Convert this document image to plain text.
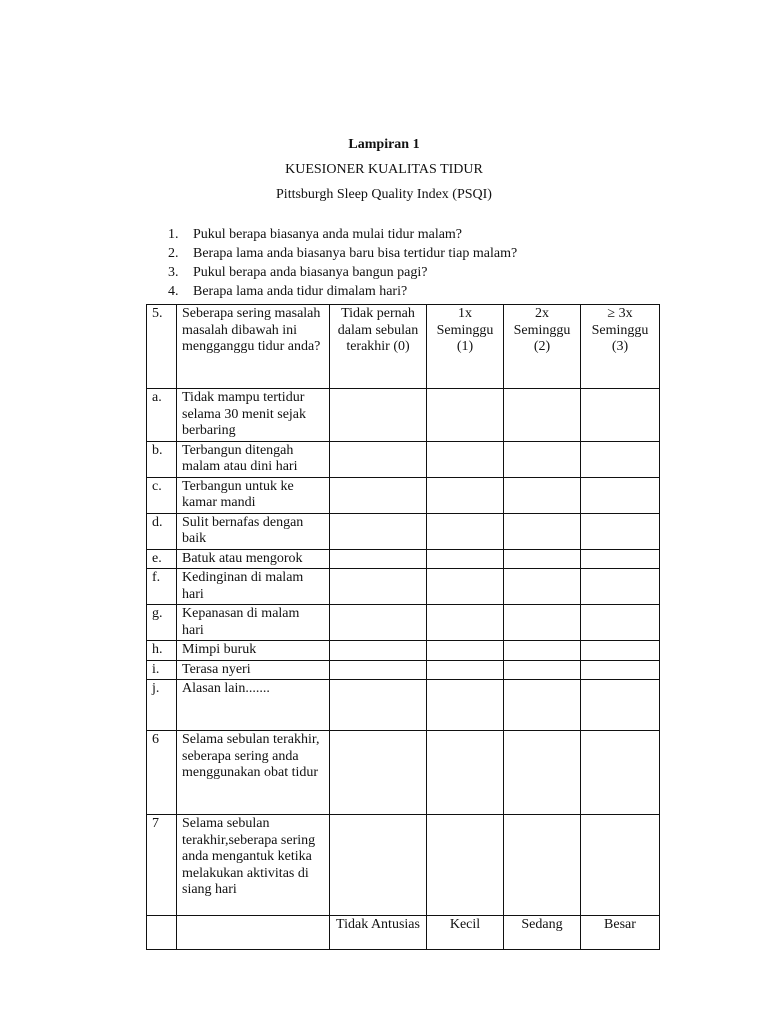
Lampiran 1
KUESIONER KUALITAS TIDUR
Pittsburgh Sleep Quality Index (PSQI)
1. Pukul berapa biasanya anda mulai tidur malam?
2. Berapa lama anda biasanya baru bisa tertidur tiap malam?
3. Pukul berapa anda biasanya bangun pagi?
4. Berapa lama anda tidur dimalam hari?
5.	Seberapa sering masalah masalah dibawah ini mengganggu tidur anda?	Tidak pernah dalam sebulan terakhir (0)	1x Seminggu (1)	2x Seminggu (2)	≥ 3x Seminggu (3)
a.	Tidak mampu tertidur selama 30 menit sejak berbaring				
b.	Terbangun ditengah malam atau dini hari				
c.	Terbangun untuk ke kamar mandi				
d.	Sulit bernafas dengan baik				
e.	Batuk atau mengorok				
f.	Kedinginan di malam hari				
g.	Kepanasan di malam hari				
h.	Mimpi buruk				
i.	Terasa nyeri				
j.	Alasan lain.......				
6	Selama sebulan terakhir, seberapa sering anda menggunakan obat tidur				
7	Selama sebulan terakhir,seberapa sering anda mengantuk ketika melakukan aktivitas di siang hari				
		Tidak Antusias	Kecil	Sedang	Besar
